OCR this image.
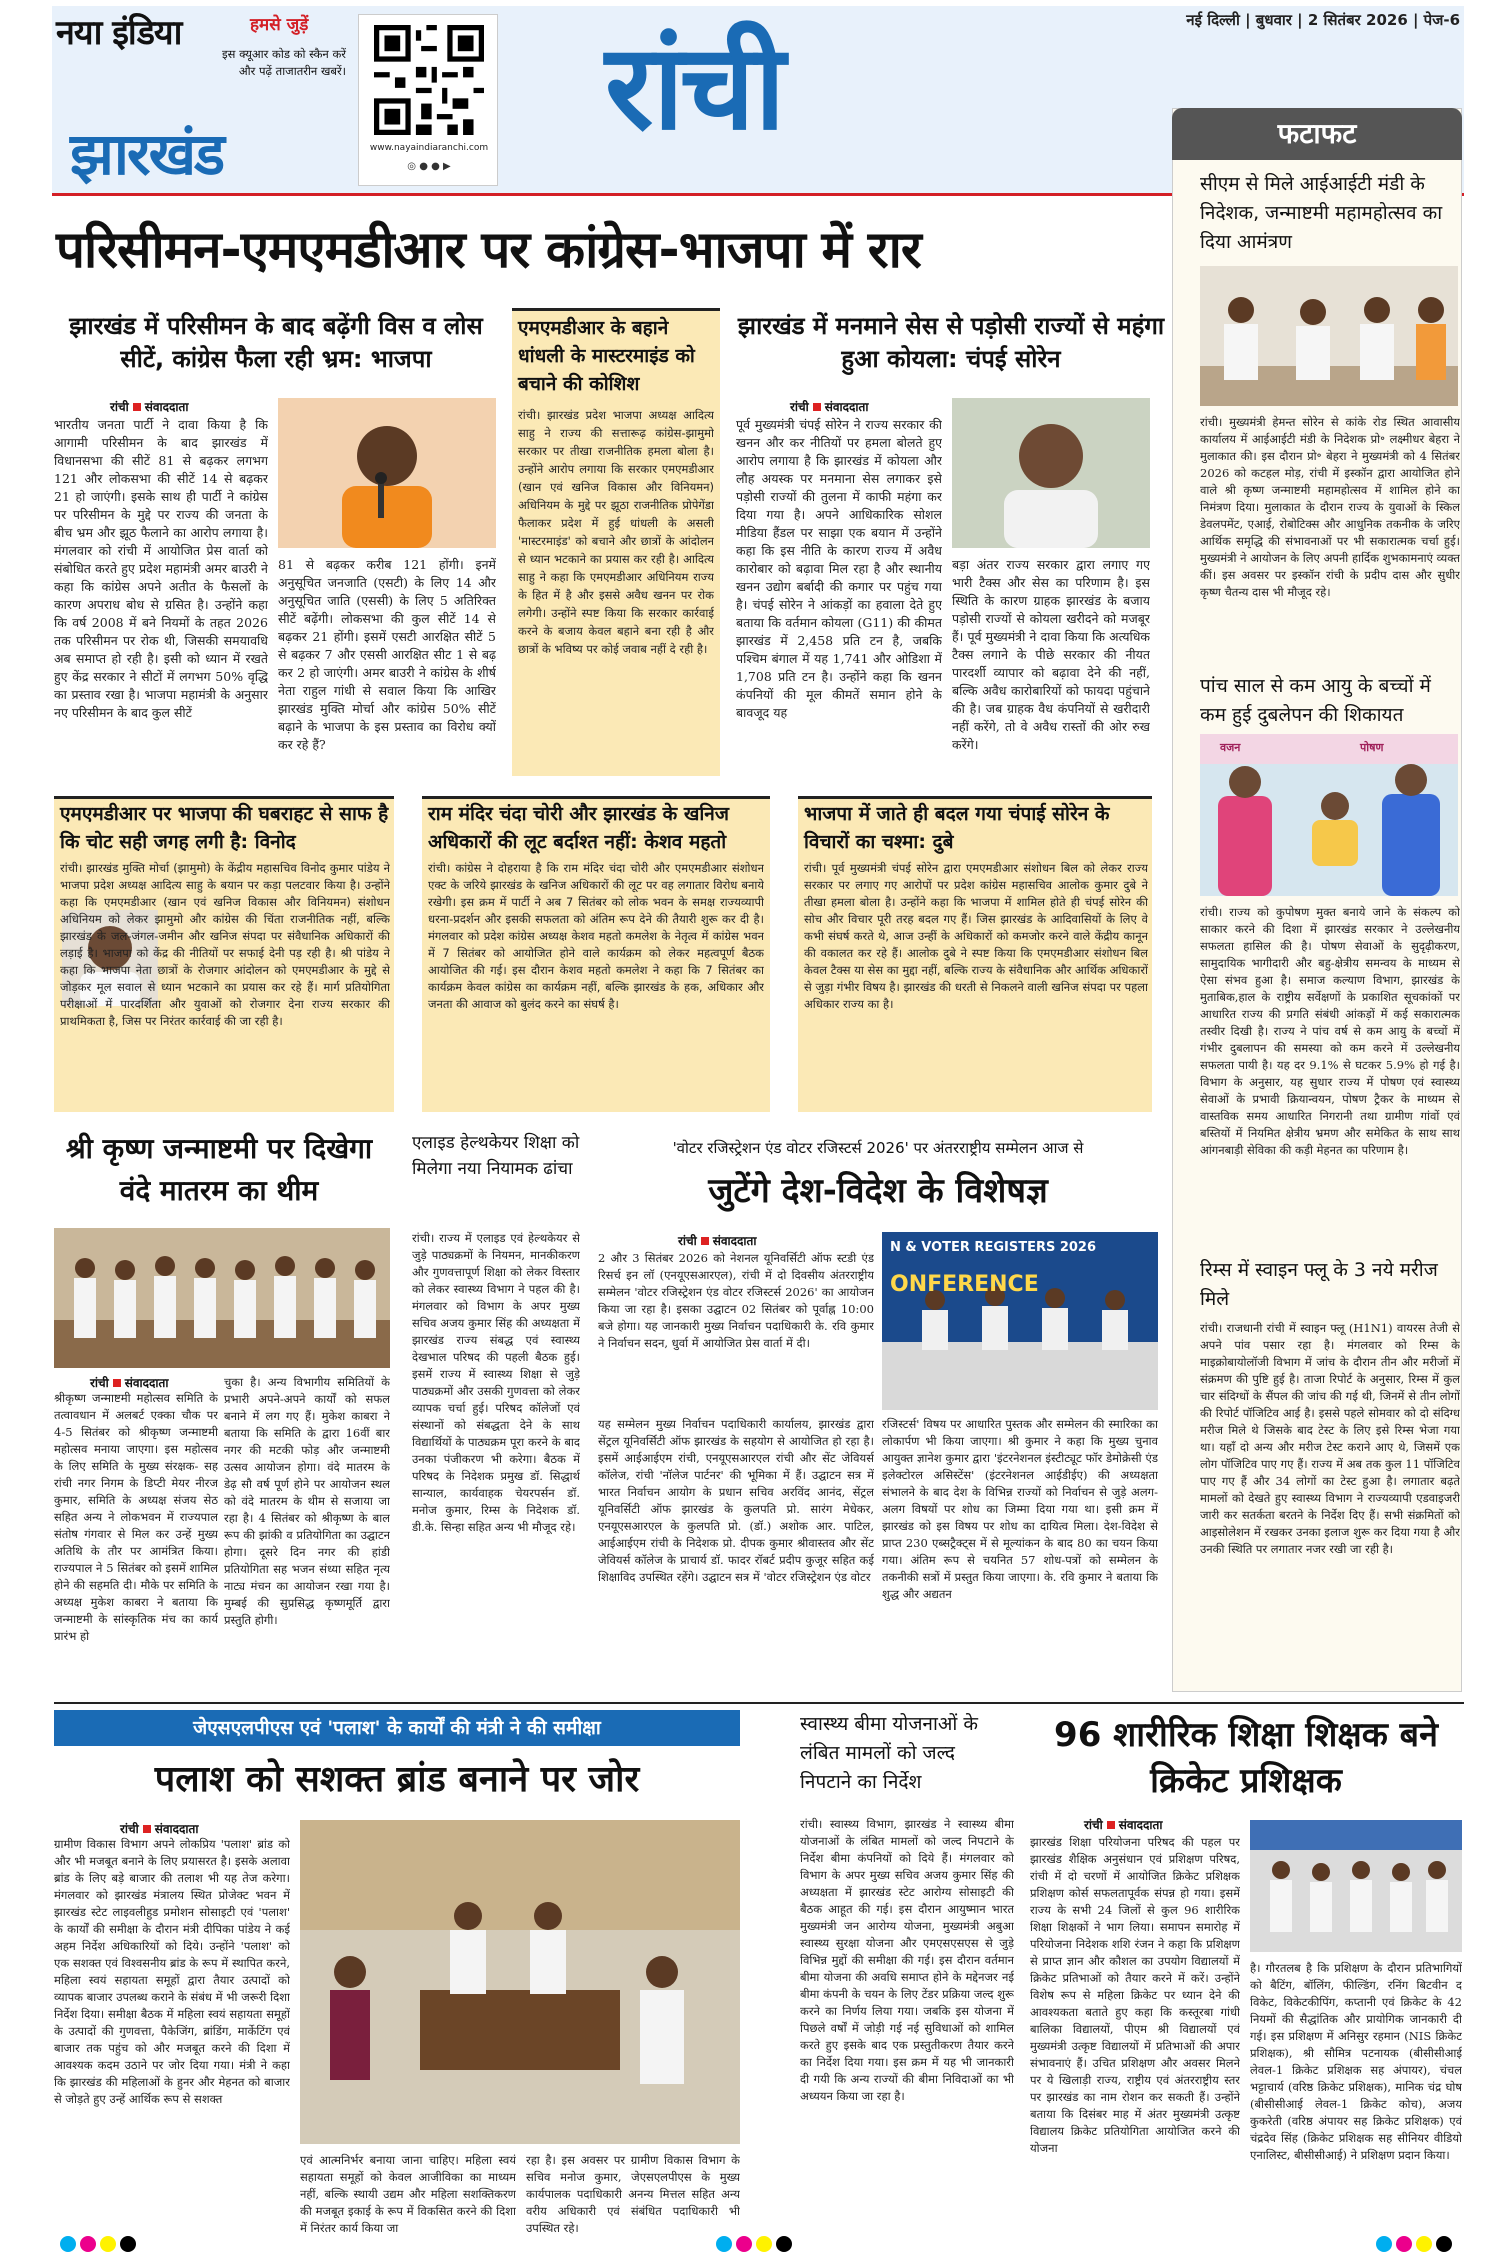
नया इंडिया	हमसे जुड़ें
इस क्यूआर कोड को स्कैन करें और पढ़ें ताजातरीन खबरें।
www.nayaindiaranchi.com
◎ ● ● ▶
झारखंड	रांची	नई दिल्ली | बुधवार | 2 सितंबर 2026 | पेज-6
परिसीमन-एमएमडीआर पर कांग्रेस-भाजपा में रार
झारखंड में परिसीमन के बाद बढ़ेंगी विस व लोस सीटें, कांग्रेस फैला रही भ्रम: भाजपा
रांची संवाददाता
भारतीय जनता पार्टी ने दावा किया है कि आगामी परिसीमन के बाद झारखंड में विधानसभा की सीटें 81 से बढ़कर लगभग 121 और लोकसभा की सीटें 14 से बढ़कर 21 हो जाएंगी। इसके साथ ही पार्टी ने कांग्रेस पर परिसीमन के मुद्दे पर राज्य की जनता के बीच भ्रम और झूठ फैलाने का आरोप लगाया है। मंगलवार को रांची में आयोजित प्रेस वार्ता को संबोधित करते हुए प्रदेश महामंत्री अमर बाउरी ने कहा कि कांग्रेस अपने अतीत के फैसलों के कारण अपराध बोध से ग्रसित है। उन्होंने कहा कि वर्ष 2008 में बने नियमों के तहत 2026 तक परिसीमन पर रोक थी, जिसकी समयावधि अब समाप्त हो रही है। इसी को ध्यान में रखते हुए केंद्र सरकार ने सीटों में लगभग 50% वृद्धि का प्रस्ताव रखा है। भाजपा महामंत्री के अनुसार नए परिसीमन के बाद कुल सीटें
81 से बढ़कर करीब 121 होंगी। इनमें अनुसूचित जनजाति (एसटी) के लिए 14 और अनुसूचित जाति (एससी) के लिए 5 अतिरिक्त सीटें बढ़ेंगी। लोकसभा की कुल सीटें 14 से बढ़कर 21 होंगी। इसमें एसटी आरक्षित सीटें 5 से बढ़कर 7 और एससी आरक्षित सीट 1 से बढ़ कर 2 हो जाएंगी। अमर बाउरी ने कांग्रेस के शीर्ष नेता राहुल गांधी से सवाल किया कि आखिर झारखंड मुक्ति मोर्चा और कांग्रेस 50% सीटें बढ़ाने के भाजपा के इस प्रस्ताव का विरोध क्यों कर रहे हैं?
एमएमडीआर के बहाने धांधली के मास्टरमाइंड को बचाने की कोशिश
रांची। झारखंड प्रदेश भाजपा अध्यक्ष आदित्य साहु ने राज्य की सत्तारूढ़ कांग्रेस-झामुमो सरकार पर तीखा राजनीतिक हमला बोला है। उन्होंने आरोप लगाया कि सरकार एमएमडीआर (खान एवं खनिज विकास और विनियमन) अधिनियम के मुद्दे पर झूठा राजनीतिक प्रोपेगेंडा फैलाकर प्रदेश में हुई धांधली के असली 'मास्टरमाइंड' को बचाने और छात्रों के आंदोलन से ध्यान भटकाने का प्रयास कर रही है। आदित्य साहु ने कहा कि एमएमडीआर अधिनियम राज्य के हित में है और इससे अवैध खनन पर रोक लगेगी। उन्होंने स्पष्ट किया कि सरकार कार्रवाई करने के बजाय केवल बहाने बना रही है और छात्रों के भविष्य पर कोई जवाब नहीं दे रही है।
झारखंड में मनमाने सेस से पड़ोसी राज्यों से महंगा हुआ कोयला: चंपई सोरेन
रांची संवाददाता
पूर्व मुख्यमंत्री चंपई सोरेन ने राज्य सरकार की खनन और कर नीतियों पर हमला बोलते हुए आरोप लगाया है कि झारखंड में कोयला और लौह अयस्क पर मनमाना सेस लगाकर इसे पड़ोसी राज्यों की तुलना में काफी महंगा कर दिया गया है। अपने आधिकारिक सोशल मीडिया हैंडल पर साझा एक बयान में उन्होंने कहा कि इस नीति के कारण राज्य में अवैध कारोबार को बढ़ावा मिल रहा है और स्थानीय खनन उद्योग बर्बादी की कगार पर पहुंच गया है। चंपई सोरेन ने आंकड़ों का हवाला देते हुए बताया कि वर्तमान कोयला (G11) की कीमत झारखंड में 2,458 प्रति टन है, जबकि पश्चिम बंगाल में यह 1,741 और ओडिशा में 1,708 प्रति टन है। उन्होंने कहा कि खनन कंपनियों की मूल कीमतें समान होने के बावजूद यह
बड़ा अंतर राज्य सरकार द्वारा लगाए गए भारी टैक्स और सेस का परिणाम है। इस स्थिति के कारण ग्राहक झारखंड के बजाय पड़ोसी राज्यों से कोयला खरीदने को मजबूर हैं। पूर्व मुख्यमंत्री ने दावा किया कि अत्यधिक टैक्स लगाने के पीछे सरकार की नीयत पारदर्शी व्यापार को बढ़ावा देने की नहीं, बल्कि अवैध कारोबारियों को फायदा पहुंचाने की है। जब ग्राहक वैध कंपनियों से खरीदारी नहीं करेंगे, तो वे अवैध रास्तों की ओर रुख करेंगे।
एमएमडीआर पर भाजपा की घबराहट से साफ है कि चोट सही जगह लगी है: विनोद
रांची। झारखंड मुक्ति मोर्चा (झामुमो) के केंद्रीय महासचिव विनोद कुमार पांडेय ने भाजपा प्रदेश अध्यक्ष आदित्य साहु के बयान पर कड़ा पलटवार किया है। उन्होंने कहा कि एमएमडीआर (खान एवं खनिज विकास और विनियमन) संशोधन अधिनियम को लेकर झामुमो और कांग्रेस की चिंता राजनीतिक नहीं, बल्कि झारखंड के जल-जंगल-जमीन और खनिज संपदा पर संवैधानिक अधिकारों की लड़ाई है। भाजपा को केंद्र की नीतियों पर सफाई देनी पड़ रही है। श्री पांडेय ने कहा कि भाजपा नेता छात्रों के रोजगार आंदोलन को एमएमडीआर के मुद्दे से जोड़कर मूल सवाल से ध्यान भटकाने का प्रयास कर रहे हैं। मार्ग प्रतियोगिता परीक्षाओं में पारदर्शिता और युवाओं को रोजगार देना राज्य सरकार की प्राथमिकता है, जिस पर निरंतर कार्रवाई की जा रही है।
राम मंदिर चंदा चोरी और झारखंड के खनिज अधिकारों की लूट बर्दाश्त नहीं: केशव महतो
रांची। कांग्रेस ने दोहराया है कि राम मंदिर चंदा चोरी और एमएमडीआर संशोधन एक्ट के जरिये झारखंड के खनिज अधिकारों की लूट पर वह लगातार विरोध बनाये रखेगी। इस क्रम में पार्टी ने अब 7 सितंबर को लोक भवन के समक्ष राज्यव्यापी धरना-प्रदर्शन और इसकी सफलता को अंतिम रूप देने की तैयारी शुरू कर दी है। मंगलवार को प्रदेश कांग्रेस अध्यक्ष केशव महतो कमलेश के नेतृत्व में कांग्रेस भवन में 7 सितंबर को आयोजित होने वाले कार्यक्रम को लेकर महत्वपूर्ण बैठक आयोजित की गई। इस दौरान केशव महतो कमलेश ने कहा कि 7 सितंबर का कार्यक्रम केवल कांग्रेस का कार्यक्रम नहीं, बल्कि झारखंड के हक, अधिकार और जनता की आवाज को बुलंद करने का संघर्ष है।
भाजपा में जाते ही बदल गया चंपाई सोरेन के विचारों का चश्मा: दुबे
रांची। पूर्व मुख्यमंत्री चंपई सोरेन द्वारा एमएमडीआर संशोधन बिल को लेकर राज्य सरकार पर लगाए गए आरोपों पर प्रदेश कांग्रेस महासचिव आलोक कुमार दुबे ने तीखा हमला बोला है। उन्होंने कहा कि भाजपा में शामिल होते ही चंपई सोरेन की सोच और विचार पूरी तरह बदल गए हैं। जिस झारखंड के आदिवासियों के लिए वे कभी संघर्ष करते थे, आज उन्हीं के अधिकारों को कमजोर करने वाले केंद्रीय कानून की वकालत कर रहे हैं। आलोक दुबे ने स्पष्ट किया कि एमएमडीआर संशोधन बिल केवल टैक्स या सेस का मुद्दा नहीं, बल्कि राज्य के संवैधानिक और आर्थिक अधिकारों से जुड़ा गंभीर विषय है। झारखंड की धरती से निकलने वाली खनिज संपदा पर पहला अधिकार राज्य का है।
श्री कृष्ण जन्माष्टमी पर दिखेगा वंदे मातरम का थीम
रांची संवाददाता
श्रीकृष्ण जन्माष्टमी महोत्सव समिति के तत्वावधान में अलबर्ट एक्का चौक पर 4-5 सितंबर को श्रीकृष्ण जन्माष्टमी महोत्सव मनाया जाएगा। इस महोत्सव के लिए समिति के मुख्य संरक्षक- सह रांची नगर निगम के डिप्टी मेयर नीरज कुमार, समिति के अध्यक्ष संजय सेठ सहित अन्य ने लोकभवन में राज्यपाल संतोष गंगवार से मिल कर उन्हें मुख्य अतिथि के तौर पर आमंत्रित किया। राज्यपाल ने 5 सितंबर को इसमें शामिल होने की सहमति दी। मौके पर समिति के अध्यक्ष मुकेश काबरा ने बताया कि जन्माष्टमी के सांस्कृतिक मंच का कार्य प्रारंभ हो
चुका है। अन्य विभागीय समितियों के प्रभारी अपने-अपने कार्यों को सफल बनाने में लग गए हैं। मुकेश काबरा ने बताया कि समिति के द्वारा 16वीं बार नगर की मटकी फोड़ और जन्माष्टमी उत्सव आयोजन होगा। वंदे मातरम के डेढ़ सौ वर्ष पूर्ण होने पर आयोजन स्थल को वंदे मातरम के थीम से सजाया जा रहा है। 4 सितंबर को श्रीकृष्ण के बाल रूप की झांकी व प्रतियोगिता का उद्घाटन होगा। दूसरे दिन नगर की हांडी प्रतियोगिता सह भजन संध्या सहित नृत्य नाट्य मंचन का आयोजन रखा गया है। मुम्बई की सुप्रसिद्ध कृष्णमूर्ति द्वारा प्रस्तुति होगी।
एलाइड हेल्थकेयर शिक्षा को मिलेगा नया नियामक ढांचा
रांची। राज्य में एलाइड एवं हेल्थकेयर से जुड़े पाठ्यक्रमों के नियमन, मानकीकरण और गुणवत्तापूर्ण शिक्षा को लेकर विस्तार को लेकर स्वास्थ्य विभाग ने पहल की है। मंगलवार को विभाग के अपर मुख्य सचिव अजय कुमार सिंह की अध्यक्षता में झारखंड राज्य संबद्ध एवं स्वास्थ्य देखभाल परिषद की पहली बैठक हुई। इसमें राज्य में स्वास्थ्य शिक्षा से जुड़े पाठ्यक्रमों और उसकी गुणवत्ता को लेकर व्यापक चर्चा हुई। परिषद कॉलेजों एवं संस्थानों को संबद्धता देने के साथ विद्यार्थियों के पाठ्यक्रम पूरा करने के बाद उनका पंजीकरण भी करेगा। बैठक में परिषद के निदेशक प्रमुख डॉ. सिद्धार्थ सान्याल, कार्यवाहक चेयरपर्सन डॉ. मनोज कुमार, रिम्स के निदेशक डॉ. डी.के. सिन्हा सहित अन्य भी मौजूद रहे।
'वोटर रजिस्ट्रेशन एंड वोटर रजिस्टर्स 2026' पर अंतरराष्ट्रीय सम्मेलन आज से
जुटेंगे देश-विदेश के विशेषज्ञ
रांची संवाददाता
2 और 3 सितंबर 2026 को नेशनल यूनिवर्सिटी ऑफ स्टडी एंड रिसर्च इन लॉ (एनयूएसआरएल), रांची में दो दिवसीय अंतरराष्ट्रीय सम्मेलन 'वोटर रजिस्ट्रेशन एंड वोटर रजिस्टर्स 2026' का आयोजन किया जा रहा है। इसका उद्घाटन 02 सितंबर को पूर्वाह्न 10:00 बजे होगा। यह जानकारी मुख्य निर्वाचन पदाधिकारी के. रवि कुमार ने निर्वाचन सदन, धुर्वा में आयोजित प्रेस वार्ता में दी।
N & VOTER REGISTERS 2026
ONFERENCE
यह सम्मेलन मुख्य निर्वाचन पदाधिकारी कार्यालय, झारखंड द्वारा सेंट्रल यूनिवर्सिटी ऑफ झारखंड के सहयोग से आयोजित हो रहा है। इसमें आईआईएम रांची, एनयूएसआरएल रांची और सेंट जेवियर्स कॉलेज, रांची 'नॉलेज पार्टनर' की भूमिका में हैं। उद्घाटन सत्र में भारत निर्वाचन आयोग के प्रधान सचिव अरविंद आनंद, सेंट्रल यूनिवर्सिटी ऑफ झारखंड के कुलपति प्रो. सारंग मेधेकर, एनयूएसआरएल के कुलपति प्रो. (डॉ.) अशोक आर. पाटिल, आईआईएम रांची के निदेशक प्रो. दीपक कुमार श्रीवास्तव और सेंट जेवियर्स कॉलेज के प्राचार्य डॉ. फादर रॉबर्ट प्रदीप कुजूर सहित कई शिक्षाविद उपस्थित रहेंगे। उद्घाटन सत्र में 'वोटर रजिस्ट्रेशन एंड वोटर
रजिस्टर्स' विषय पर आधारित पुस्तक और सम्मेलन की स्मारिका का लोकार्पण भी किया जाएगा। श्री कुमार ने कहा कि मुख्य चुनाव आयुक्त ज्ञानेश कुमार द्वारा 'इंटरनेशनल इंस्टीट्यूट फॉर डेमोक्रेसी एंड इलेक्टोरल असिस्टेंस' (इंटरनेशनल आईडीईए) की अध्यक्षता संभालने के बाद देश के विभिन्न राज्यों को निर्वाचन से जुड़े अलग-अलग विषयों पर शोध का जिम्मा दिया गया था। इसी क्रम में झारखंड को इस विषय पर शोध का दायित्व मिला। देश-विदेश से प्राप्त 230 एब्सट्रैक्ट्स में से मूल्यांकन के बाद 80 का चयन किया गया। अंतिम रूप से चयनित 57 शोध-पत्रों को सम्मेलन के तकनीकी सत्रों में प्रस्तुत किया जाएगा। के. रवि कुमार ने बताया कि शुद्ध और अद्यतन
फटाफट
सीएम से मिले आईआईटी मंडी के निदेशक, जन्माष्टमी महामहोत्सव का दिया आमंत्रण
रांची। मुख्यमंत्री हेमन्त सोरेन से कांके रोड स्थित आवासीय कार्यालय में आईआईटी मंडी के निदेशक प्रो॰ लक्ष्मीधर बेहरा ने मुलाकात की। इस दौरान प्रो॰ बेहरा ने मुख्यमंत्री को 4 सितंबर 2026 को कटहल मोड़, रांची में इस्कॉन द्वारा आयोजित होने वाले श्री कृष्ण जन्माष्टमी महामहोत्सव में शामिल होने का निमंत्रण दिया। मुलाकात के दौरान राज्य के युवाओं के स्किल डेवलपमेंट, एआई, रोबोटिक्स और आधुनिक तकनीक के जरिए आर्थिक समृद्धि की संभावनाओं पर भी सकारात्मक चर्चा हुई। मुख्यमंत्री ने आयोजन के लिए अपनी हार्दिक शुभकामनाएं व्यक्त कीं। इस अवसर पर इस्कॉन रांची के प्रदीप दास और सुधीर कृष्ण चैतन्य दास भी मौजूद रहे।
पांच साल से कम आयु के बच्चों में कम हुई दुबलेपन की शिकायत
वजन	पोषण
रांची। राज्य को कुपोषण मुक्त बनाये जाने के संकल्प को साकार करने की दिशा में झारखंड सरकार ने उल्लेखनीय सफलता हासिल की है। पोषण सेवाओं के सुदृढ़ीकरण, सामुदायिक भागीदारी और बहु-क्षेत्रीय समन्वय के माध्यम से ऐसा संभव हुआ है। समाज कल्याण विभाग, झारखंड के मुताबिक,हाल के राष्ट्रीय सर्वेक्षणों के प्रकाशित सूचकांकों पर आधारित राज्य की प्रगति संबंधी आंकड़ों में कई सकारात्मक तस्वीर दिखी है। राज्य ने पांच वर्ष से कम आयु के बच्चों में गंभीर दुबलापन की समस्या को कम करने में उल्लेखनीय सफलता पायी है। यह दर 9.1% से घटकर 5.9% हो गई है। विभाग के अनुसार, यह सुधार राज्य में पोषण एवं स्वास्थ्य सेवाओं के प्रभावी क्रियान्वयन, पोषण ट्रैकर के माध्यम से वास्तविक समय आधारित निगरानी तथा ग्रामीण गांवों एवं बस्तियों में नियमित क्षेत्रीय भ्रमण और समेकित के साथ साथ आंगनबाड़ी सेविका की कड़ी मेहनत का परिणाम है।
रिम्स में स्वाइन फ्लू के 3 नये मरीज मिले
रांची। राजधानी रांची में स्वाइन फ्लू (H1N1) वायरस तेजी से अपने पांव पसार रहा है। मंगलवार को रिम्स के माइक्रोबायोलॉजी विभाग में जांच के दौरान तीन और मरीजों में संक्रमण की पुष्टि हुई है। ताजा रिपोर्ट के अनुसार, रिम्स में कुल चार संदिग्धों के सैंपल की जांच की गई थी, जिनमें से तीन लोगों की रिपोर्ट पॉजिटिव आई है। इससे पहले सोमवार को दो संदिग्ध मरीज मिले थे जिसके बाद टेस्ट के लिए इसे रिम्स भेजा गया था। यहाँ दो अन्य और मरीज टेस्ट कराने आए थे, जिसमें एक लोग पॉजिटिव पाए गए हैं। राज्य में अब तक कुल 11 पॉजिटिव पाए गए हैं और 34 लोगों का टेस्ट हुआ है। लगातार बढ़ते मामलों को देखते हुए स्वास्थ्य विभाग ने राज्यव्यापी एडवाइजरी जारी कर सतर्कता बरतने के निर्देश दिए हैं। सभी संक्रमितों को आइसोलेशन में रखकर उनका इलाज शुरू कर दिया गया है और उनकी स्थिति पर लगातार नजर रखी जा रही है।
जेएसएलपीएस एवं 'पलाश' के कार्यों की मंत्री ने की समीक्षा
पलाश को सशक्त ब्रांड बनाने पर जोर
रांची संवाददाता
ग्रामीण विकास विभाग अपने लोकप्रिय 'पलाश' ब्रांड को और भी मजबूत बनाने के लिए प्रयासरत है। इसके अलावा ब्रांड के लिए बड़े बाजार की तलाश भी यह तेज करेगा। मंगलवार को झारखंड मंत्रालय स्थित प्रोजेक्ट भवन में झारखंड स्टेट लाइवलीहुड प्रमोशन सोसाइटी एवं 'पलाश' के कार्यों की समीक्षा के दौरान मंत्री दीपिका पांडेय ने कई अहम निर्देश अधिकारियों को दिये। उन्होंने 'पलाश' को एक सशक्त एवं विश्वसनीय ब्रांड के रूप में स्थापित करने, महिला स्वयं सहायता समूहों द्वारा तैयार उत्पादों को व्यापक बाजार उपलब्ध कराने के संबंध में भी जरूरी दिशा निर्देश दिया। समीक्षा बैठक में महिला स्वयं सहायता समूहों के उत्पादों की गुणवत्ता, पैकेजिंग, ब्रांडिंग, मार्केटिंग एवं बाजार तक पहुंच को और मजबूत करने की दिशा में आवश्यक कदम उठाने पर जोर दिया गया। मंत्री ने कहा कि झारखंड की महिलाओं के हुनर और मेहनत को बाजार से जोड़ते हुए उन्हें आर्थिक रूप से सशक्त
एवं आत्मनिर्भर बनाया जाना चाहिए। महिला स्वयं सहायता समूहों को केवल आजीविका का माध्यम नहीं, बल्कि स्थायी उद्यम और महिला सशक्तिकरण की मजबूत इकाई के रूप में विकसित करने की दिशा में निरंतर कार्य किया जा
रहा है। इस अवसर पर ग्रामीण विकास विभाग के सचिव मनोज कुमार, जेएसएलपीएस के मुख्य कार्यपालक पदाधिकारी अनन्य मित्तल सहित अन्य वरीय अधिकारी एवं संबंधित पदाधिकारी भी उपस्थित रहे।
स्वास्थ्य बीमा योजनाओं के लंबित मामलों को जल्द निपटाने का निर्देश
रांची। स्वास्थ्य विभाग, झारखंड ने स्वास्थ्य बीमा योजनाओं के लंबित मामलों को जल्द निपटाने के निर्देश बीमा कंपनियों को दिये हैं। मंगलवार को विभाग के अपर मुख्य सचिव अजय कुमार सिंह की अध्यक्षता में झारखंड स्टेट आरोग्य सोसाइटी की बैठक आहूत की गई। इस दौरान आयुष्मान भारत मुख्यमंत्री जन आरोग्य योजना, मुख्यमंत्री अबुआ स्वास्थ्य सुरक्षा योजना और एमएसएसएस से जुड़े विभिन्न मुद्दों की समीक्षा की गई। इस दौरान वर्तमान बीमा योजना की अवधि समाप्त होने के मद्देनजर नई बीमा कंपनी के चयन के लिए टेंडर प्रक्रिया जल्द शुरू करने का निर्णय लिया गया। जबकि इस योजना में पिछले वर्षों में जोड़ी गई नई सुविधाओं को शामिल करते हुए इसके बाद एक प्रस्तुतीकरण तैयार करने का निर्देश दिया गया। इस क्रम में यह भी जानकारी दी गयी कि अन्य राज्यों की बीमा निविदाओं का भी अध्ययन किया जा रहा है।
96 शारीरिक शिक्षा शिक्षक बने क्रिकेट प्रशिक्षक
रांची संवाददाता
झारखंड शिक्षा परियोजना परिषद की पहल पर झारखंड शैक्षिक अनुसंधान एवं प्रशिक्षण परिषद, रांची में दो चरणों में आयोजित क्रिकेट प्रशिक्षक प्रशिक्षण कोर्स सफलतापूर्वक संपन्न हो गया। इसमें राज्य के सभी 24 जिलों से कुल 96 शारीरिक शिक्षा शिक्षकों ने भाग लिया। समापन समारोह में परियोजना निदेशक शशि रंजन ने कहा कि प्रशिक्षण से प्राप्त ज्ञान और कौशल का उपयोग विद्यालयों में क्रिकेट प्रतिभाओं को तैयार करने में करें। उन्होंने विशेष रूप से महिला क्रिकेट पर ध्यान देने की आवश्यकता बताते हुए कहा कि कस्तूरबा गांधी बालिका विद्यालयों, पीएम श्री विद्यालयों एवं मुख्यमंत्री उत्कृष्ट विद्यालयों में प्रतिभाओं की अपार संभावनाएं हैं। उचित प्रशिक्षण और अवसर मिलने पर ये खिलाड़ी राज्य, राष्ट्रीय एवं अंतरराष्ट्रीय स्तर पर झारखंड का नाम रोशन कर सकती हैं। उन्होंने बताया कि दिसंबर माह में अंतर मुख्यमंत्री उत्कृष्ट विद्यालय क्रिकेट प्रतियोगिता आयोजित करने की योजना
है। गौरतलब है कि प्रशिक्षण के दौरान प्रतिभागियों को बैटिंग, बॉलिंग, फील्डिंग, रनिंग बिटवीन द विकेट, विकेटकीपिंग, कप्तानी एवं क्रिकेट के 42 नियमों की सैद्धांतिक और प्रायोगिक जानकारी दी गई। इस प्रशिक्षण में अनिसुर रहमान (NIS क्रिकेट प्रशिक्षक), श्री सौमित्र पटनायक (बीसीसीआई लेवल-1 क्रिकेट प्रशिक्षक सह अंपायर), चंचल भट्टाचार्य (वरिष्ठ क्रिकेट प्रशिक्षक), मानिक चंद्र घोष (बीसीसीआई लेवल-1 क्रिकेट कोच), अजय कुकरेती (वरिष्ठ अंपायर सह क्रिकेट प्रशिक्षक) एवं चंद्रदेव सिंह (क्रिकेट प्रशिक्षक सह सीनियर वीडियो एनालिस्ट, बीसीसीआई) ने प्रशिक्षण प्रदान किया।
